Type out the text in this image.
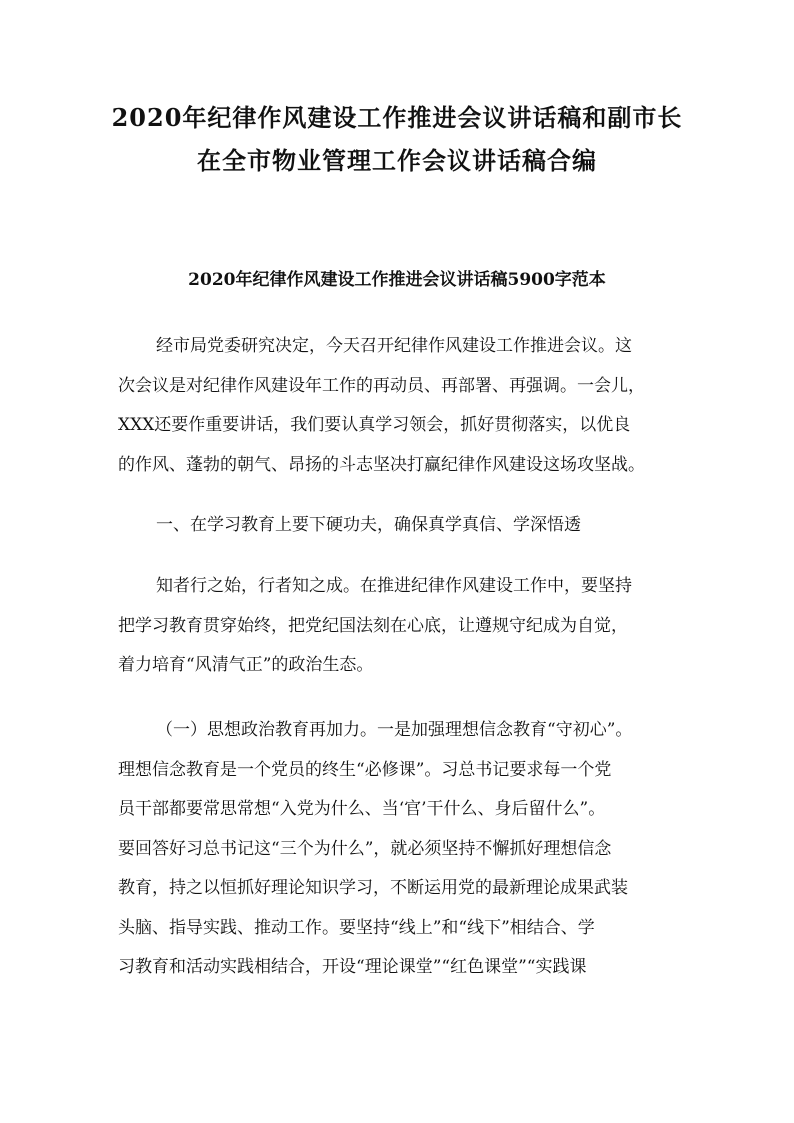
2020年纪律作风建设工作推进会议讲话稿和副市长
在全市物业管理工作会议讲话稿合编
2020年纪律作风建设工作推进会议讲话稿5900字范本
经市局党委研究决定，今天召开纪律作风建设工作推进会议。这
次会议是对纪律作风建设年工作的再动员、再部署、再强调。一会儿，
XXX还要作重要讲话，我们要认真学习领会，抓好贯彻落实，以优良
的作风、蓬勃的朝气、昂扬的斗志坚决打赢纪律作风建设这场攻坚战。
一、在学习教育上要下硬功夫，确保真学真信、学深悟透
知者行之始，行者知之成。在推进纪律作风建设工作中，要坚持
把学习教育贯穿始终，把党纪国法刻在心底，让遵规守纪成为自觉，
着力培育“风清气正”的政治生态。
（一）思想政治教育再加力。一是加强理想信念教育“守初心”。
理想信念教育是一个党员的终生“必修课”。习总书记要求每一个党
员干部都要常思常想“入党为什么、当‘官’干什么、身后留什么”。
要回答好习总书记这“三个为什么”，就必须坚持不懈抓好理想信念
教育，持之以恒抓好理论知识学习，不断运用党的最新理论成果武装
头脑、指导实践、推动工作。要坚持“线上”和“线下”相结合、学
习教育和活动实践相结合，开设“理论课堂”“红色课堂”“实践课
